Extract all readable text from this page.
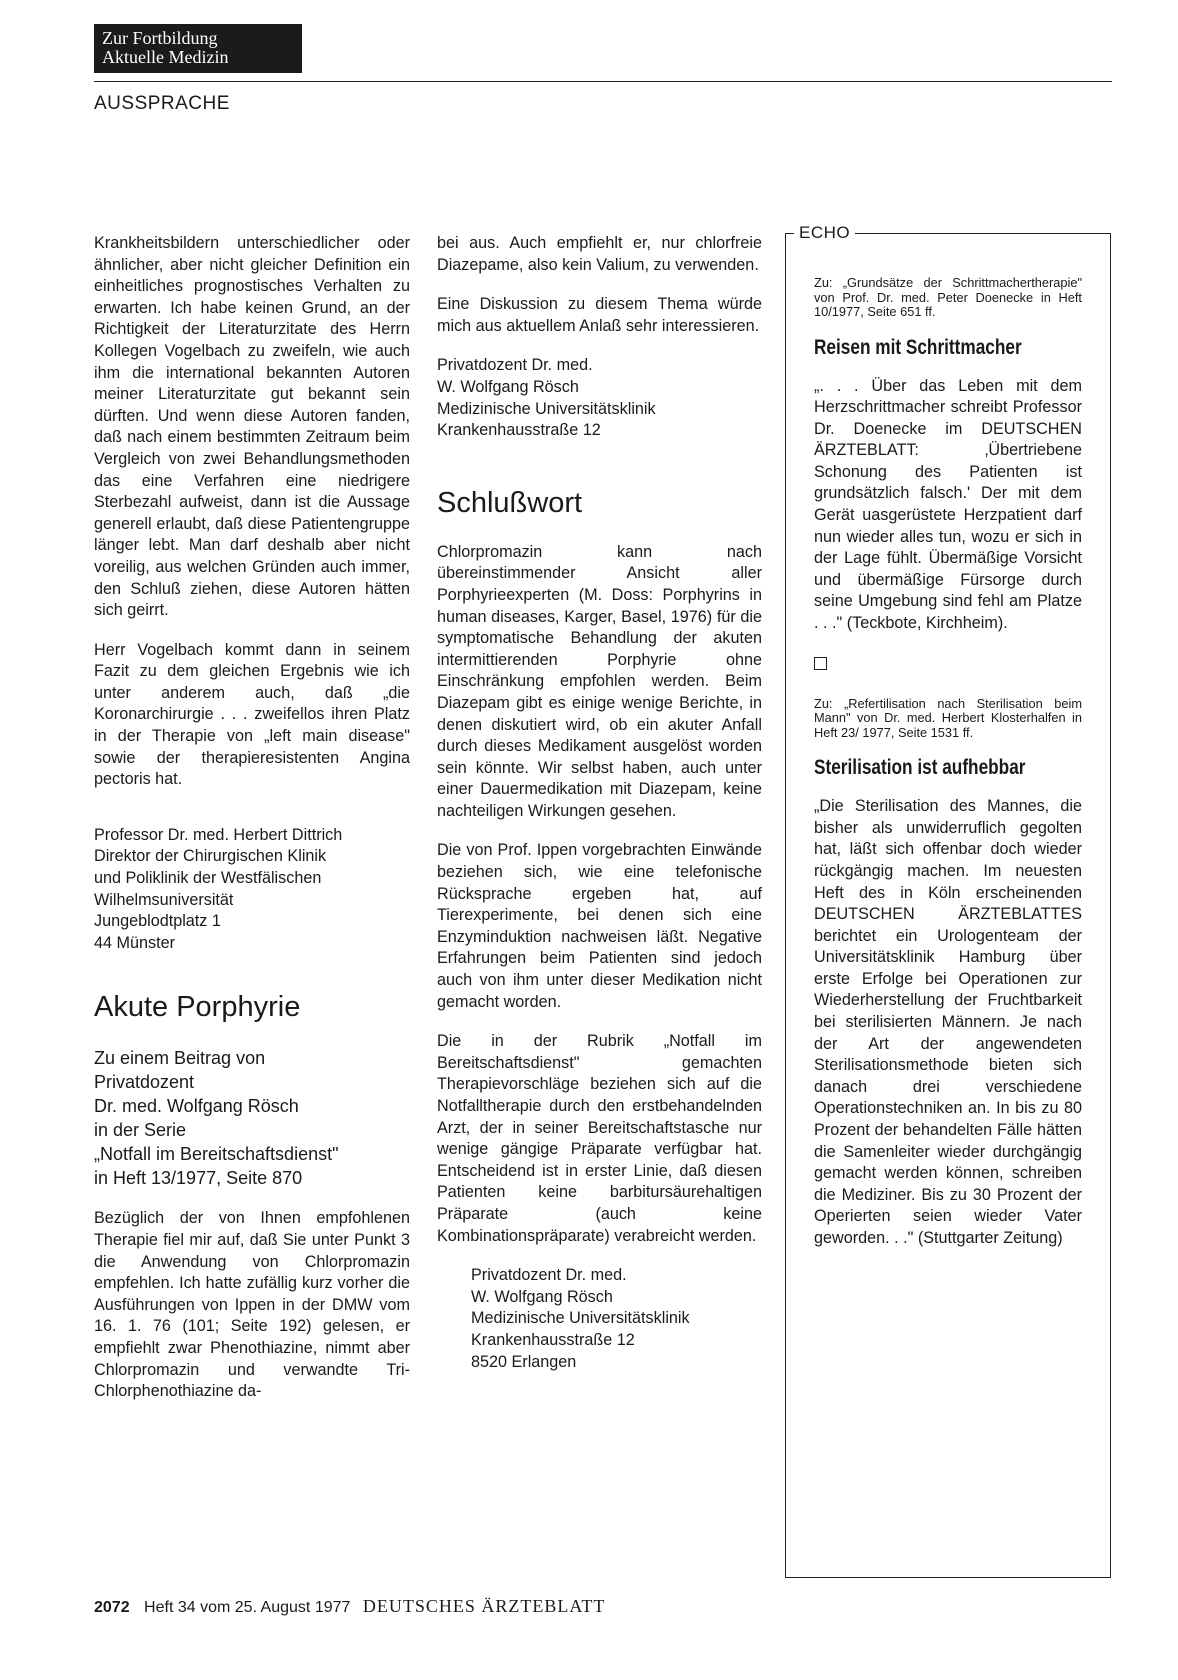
Zur Fortbildung
Aktuelle Medizin
AUSSPRACHE

Krankheitsbildern unterschiedlicher oder ähnlicher, aber nicht gleicher Definition ein einheitliches prognostisches Verhalten zu erwarten. Ich habe keinen Grund, an der Richtigkeit der Literaturzitate des Herrn Kollegen Vogelbach zu zweifeln, wie auch ihm die international bekannten Autoren meiner Literaturzitate gut bekannt sein dürften. Und wenn diese Autoren fanden, daß nach einem bestimmten Zeitraum beim Vergleich von zwei Behandlungsmethoden das eine Verfahren eine niedrigere Sterbezahl aufweist, dann ist die Aussage generell erlaubt, daß diese Patientengruppe länger lebt. Man darf deshalb aber nicht voreilig, aus welchen Gründen auch immer, den Schluß ziehen, diese Autoren hätten sich geirrt.

Herr Vogelbach kommt dann in seinem Fazit zu dem gleichen Ergebnis wie ich unter anderem auch, daß „die Koronarchirurgie . . . zweifellos ihren Platz in der Therapie von „left main disease" sowie der therapieresistenten Angina pectoris hat.

Professor Dr. med. Herbert Dittrich
Direktor der Chirurgischen Klinik
und Poliklinik der Westfälischen
Wilhelmsuniversität
Jungeblodtplatz 1
44 Münster
Akute Porphyrie
Zu einem Beitrag von
Privatdozent
Dr. med. Wolfgang Rösch
in der Serie
„Notfall im Bereitschaftsdienst"
in Heft 13/1977, Seite 870

Bezüglich der von Ihnen empfohlenen Therapie fiel mir auf, daß Sie unter Punkt 3 die Anwendung von Chlorpromazin empfehlen. Ich hatte zufällig kurz vorher die Ausführungen von Ippen in der DMW vom 16. 1. 76 (101; Seite 192) gelesen, er empfiehlt zwar Phenothiazine, nimmt aber Chlorpromazin und verwandte Tri-Chlorphenothiazine da-

bei aus. Auch empfiehlt er, nur chlorfreie Diazepame, also kein Valium, zu verwenden.

Eine Diskussion zu diesem Thema würde mich aus aktuellem Anlaß sehr interessieren.

Privatdozent Dr. med.
W. Wolfgang Rösch
Medizinische Universitätsklinik
Krankenhausstraße 12
Schlußwort

Chlorpromazin kann nach übereinstimmender Ansicht aller Porphyrieexperten (M. Doss: Porphyrins in human diseases, Karger, Basel, 1976) für die symptomatische Behandlung der akuten intermittierenden Porphyrie ohne Einschränkung empfohlen werden. Beim Diazepam gibt es einige wenige Berichte, in denen diskutiert wird, ob ein akuter Anfall durch dieses Medikament ausgelöst worden sein könnte. Wir selbst haben, auch unter einer Dauermedikation mit Diazepam, keine nachteiligen Wirkungen gesehen.

Die von Prof. Ippen vorgebrachten Einwände beziehen sich, wie eine telefonische Rücksprache ergeben hat, auf Tierexperimente, bei denen sich eine Enzyminduktion nachweisen läßt. Negative Erfahrungen beim Patienten sind jedoch auch von ihm unter dieser Medikation nicht gemacht worden.

Die in der Rubrik „Notfall im Bereitschaftsdienst" gemachten Therapievorschläge beziehen sich auf die Notfalltherapie durch den erstbehandelnden Arzt, der in seiner Bereitschaftstasche nur wenige gängige Präparate verfügbar hat. Entscheidend ist in erster Linie, daß diesen Patienten keine barbitursäurehaltigen Präparate (auch keine Kombinationspräparate) verabreicht werden.

Privatdozent Dr. med.
W. Wolfgang Rösch
Medizinische Universitätsklinik
Krankenhausstraße 12
8520 Erlangen
ECHO

Zu: „Grundsätze der Schrittmachertherapie" von Prof. Dr. med. Peter Doenecke in Heft 10/1977, Seite 651 ff.

Reisen mit Schrittmacher

„. . . Über das Leben mit dem Herzschrittmacher schreibt Professor Dr. Doenecke im DEUTSCHEN ÄRZTEBLATT: ‚Übertriebene Schonung des Patienten ist grundsätzlich falsch.' Der mit dem Gerät uasgerüstete Herzpatient darf nun wieder alles tun, wozu er sich in der Lage fühlt. Übermäßige Vorsicht und übermäßige Fürsorge durch seine Umgebung sind fehl am Platze . . ." (Teckbote, Kirchheim).

Zu: „Refertilisation nach Sterilisation beim Mann" von Dr. med. Herbert Klosterhalfen in Heft 23/ 1977, Seite 1531 ff.

Sterilisation ist aufhebbar

„Die Sterilisation des Mannes, die bisher als unwiderruflich gegolten hat, läßt sich offenbar doch wieder rückgängig machen. Im neuesten Heft des in Köln erscheinenden DEUTSCHEN ÄRZTEBLATTES berichtet ein Urologenteam der Universitätsklinik Hamburg über erste Erfolge bei Operationen zur Wiederherstellung der Fruchtbarkeit bei sterilisierten Männern. Je nach der Art der angewendeten Sterilisationsmethode bieten sich danach drei verschiedene Operationstechniken an. In bis zu 80 Prozent der behandelten Fälle hätten die Samenleiter wieder durchgängig gemacht werden können, schreiben die Mediziner. Bis zu 30 Prozent der Operierten seien wieder Vater geworden. . ." (Stuttgarter Zeitung)

2072 Heft 34 vom 25. August 1977 DEUTSCHES ÄRZTEBLATT
